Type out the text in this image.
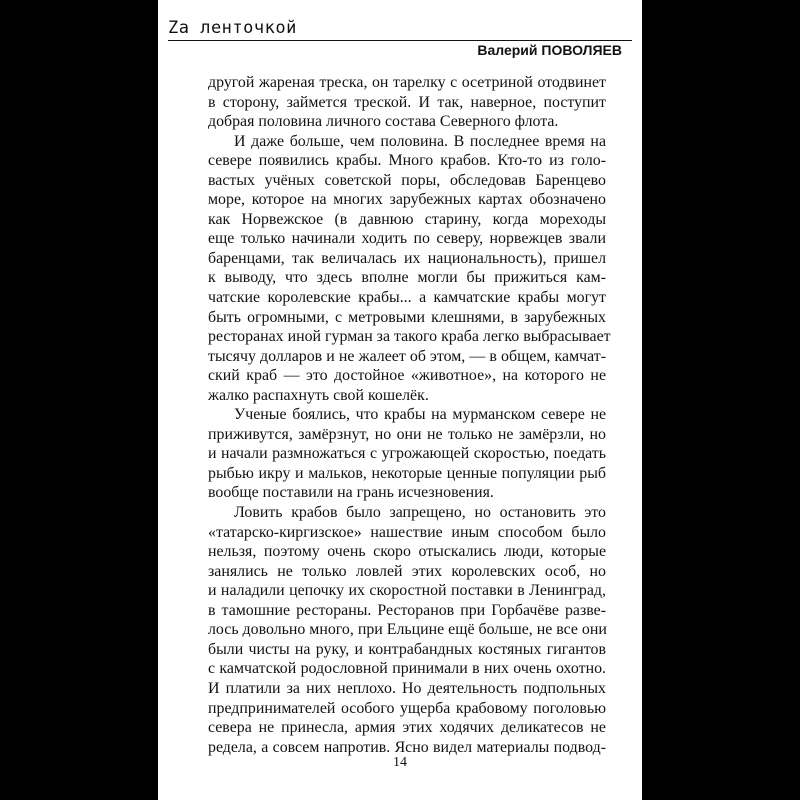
Zа ленточкой
Валерий ПОВОЛЯЕВ

другой жареная треска, он тарелку с осетриной отодвинет
в сторону, займется треской. И так, наверное, поступит
добрая половина личного состава Северного флота.

И даже больше, чем половина. В последнее время на
севере появились крабы. Много крабов. Кто-то из голо-
вастых учёных советской поры, обследовав Баренцево
море, которое на многих зарубежных картах обозначено
как Норвежское (в давнюю старину, когда мореходы
еще только начинали ходить по северу, норвежцев звали
баренцами, так величалась их национальность), пришел
к выводу, что здесь вполне могли бы прижиться кам-
чатские королевские крабы... а камчатские крабы могут
быть огромными, с метровыми клешнями, в зарубежных
ресторанах иной гурман за такого краба легко выбрасывает
тысячу долларов и не жалеет об этом, — в общем, камчат-
ский краб — это достойное «животное», на которого не
жалко распахнуть свой кошелёк.

Ученые боялись, что крабы на мурманском севере не
приживутся, замёрзнут, но они не только не замёрзли, но
и начали размножаться с угрожающей скоростью, поедать
рыбью икру и мальков, некоторые ценные популяции рыб
вообще поставили на грань исчезновения.

Ловить крабов было запрещено, но остановить это
«татарско-киргизское» нашествие иным способом было
нельзя, поэтому очень скоро отыскались люди, которые
занялись не только ловлей этих королевских особ, но
и наладили цепочку их скоростной поставки в Ленинград,
в тамошние рестораны. Ресторанов при Горбачёве разве-
лось довольно много, при Ельцине ещё больше, не все они
были чисты на руку, и контрабандных костяных гигантов
с камчатской родословной принимали в них очень охотно.
И платили за них неплохо. Но деятельность подпольных
предпринимателей особого ущерба крабовому поголовью
севера не принесла, армия этих ходячих деликатесов не
редела, а совсем напротив. Ясно видел материалы подвод-

14
